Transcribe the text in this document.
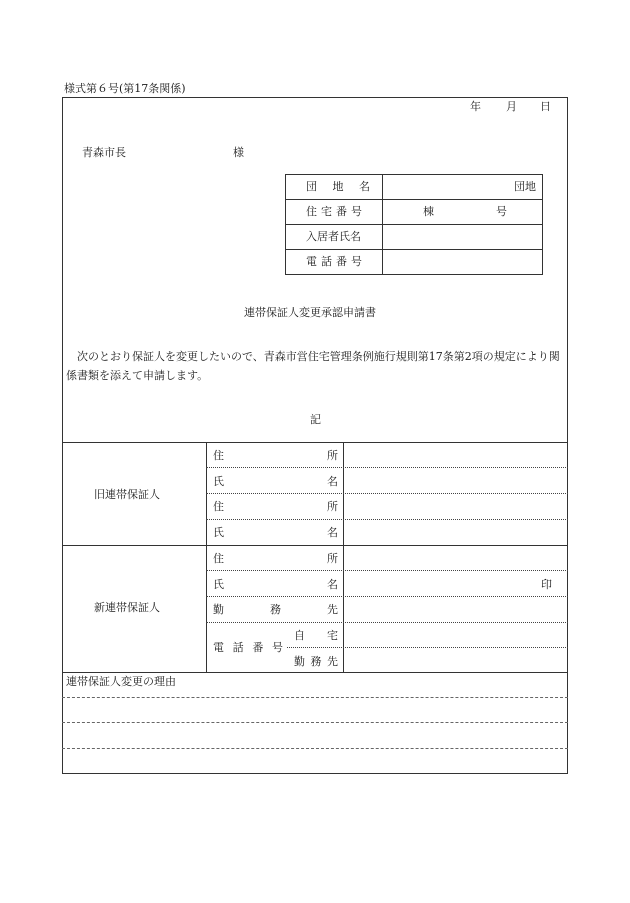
様式第６号(第17条関係)
年 月 日
青森市長	様
団 地 名	団地
住 宅 番 号	棟	号
入居者氏名
電 話 番 号
連帯保証人変更承認申請書
次のとおり保証人を変更したいので、青森市営住宅管理条例施行規則第17条第2項の規定により関係書類を添えて申請します。
記
旧連帯保証人
住	所
氏	名
住	所
氏	名
新連帯保証人
住	所
氏	名	印
勤	務	先
電 話 番 号
自 宅
勤 務 先
連帯保証人変更の理由
